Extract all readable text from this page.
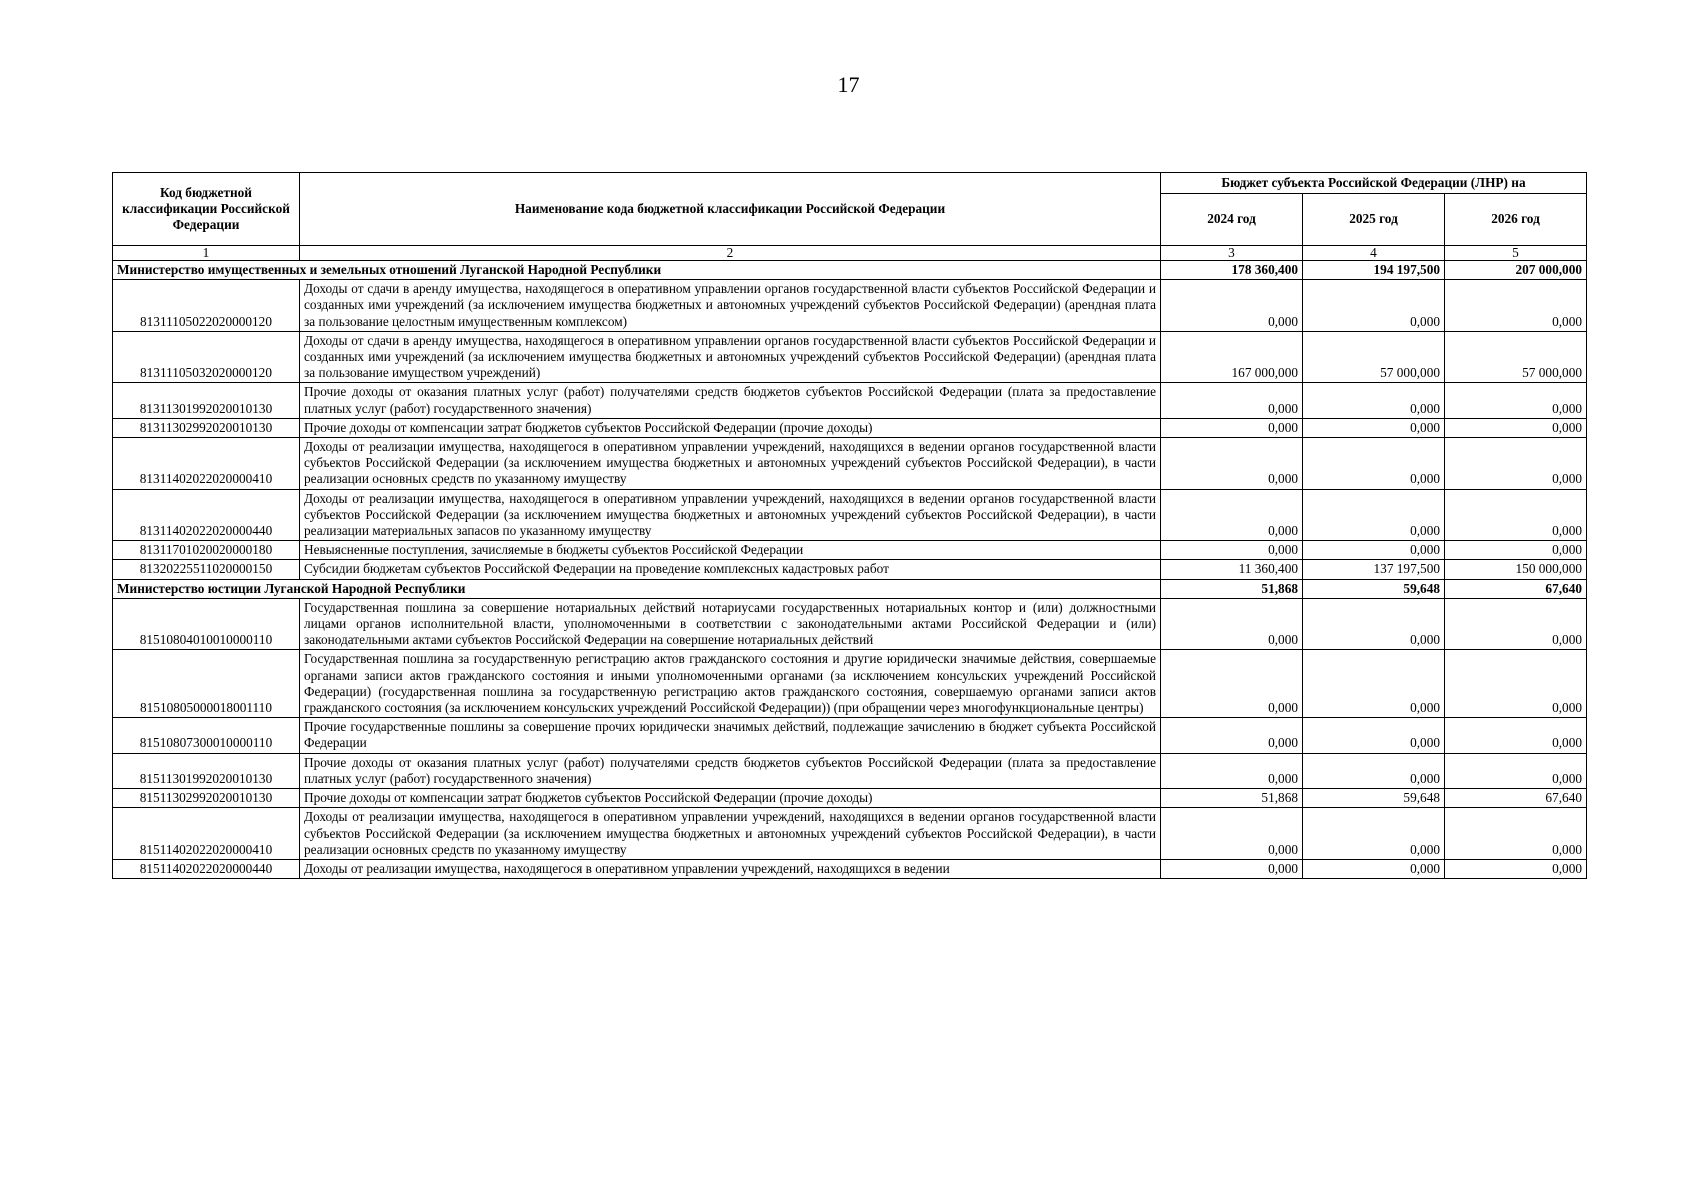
17
Код бюджетной классификации Российской Федерации	Наименование кода бюджетной классификации Российской Федерации	Бюджет субъекта Российской Федерации (ЛНР) на		
		2024 год	2025 год	2026 год
1	2	3	4	5
Министерство имущественных и земельных отношений Луганской Народной Республики		178 360,400	194 197,500	207 000,000
81311105022020000120	Доходы от сдачи в аренду имущества, находящегося в оперативном управлении органов государственной власти субъектов Российской Федерации и созданных ими учреждений (за исключением имущества бюджетных и автономных учреждений субъектов Российской Федерации) (арендная плата за пользование целостным имущественным комплексом)	0,000	0,000	0,000
81311105032020000120	Доходы от сдачи в аренду имущества, находящегося в оперативном управлении органов государственной власти субъектов Российской Федерации и созданных ими учреждений (за исключением имущества бюджетных и автономных учреждений субъектов Российской Федерации) (арендная плата за пользование имуществом учреждений)	167 000,000	57 000,000	57 000,000
81311301992020010130	Прочие доходы от оказания платных услуг (работ) получателями средств бюджетов субъектов Российской Федерации (плата за предоставление платных услуг (работ) государственного значения)	0,000	0,000	0,000
81311302992020010130	Прочие доходы от компенсации затрат бюджетов субъектов Российской Федерации (прочие доходы)	0,000	0,000	0,000
81311402022020000410	Доходы от реализации имущества, находящегося в оперативном управлении учреждений, находящихся в ведении органов государственной власти субъектов Российской Федерации (за исключением имущества бюджетных и автономных учреждений субъектов Российской Федерации), в части реализации основных средств по указанному имуществу	0,000	0,000	0,000
81311402022020000440	Доходы от реализации имущества, находящегося в оперативном управлении учреждений, находящихся в ведении органов государственной власти субъектов Российской Федерации (за исключением имущества бюджетных и автономных учреждений субъектов Российской Федерации), в части реализации материальных запасов по указанному имуществу	0,000	0,000	0,000
81311701020020000180	Невыясненные поступления, зачисляемые в бюджеты субъектов Российской Федерации	0,000	0,000	0,000
81320225511020000150	Субсидии бюджетам субъектов Российской Федерации на проведение комплексных кадастровых работ	11 360,400	137 197,500	150 000,000
Министерство юстиции Луганской Народной Республики		51,868	59,648	67,640
81510804010010000110	Государственная пошлина за совершение нотариальных действий нотариусами государственных нотариальных контор и (или) должностными лицами органов исполнительной власти, уполномоченными в соответствии с законодательными актами Российской Федерации и (или) законодательными актами субъектов Российской Федерации на совершение нотариальных действий	0,000	0,000	0,000
81510805000018001110	Государственная пошлина за государственную регистрацию актов гражданского состояния и другие юридически значимые действия, совершаемые органами записи актов гражданского состояния и иными уполномоченными органами (за исключением консульских учреждений Российской Федерации) (государственная пошлина за государственную регистрацию актов гражданского состояния, совершаемую органами записи актов гражданского состояния (за исключением консульских учреждений Российской Федерации)) (при обращении через многофункциональные центры)	0,000	0,000	0,000
81510807300010000110	Прочие государственные пошлины за совершение прочих юридически значимых действий, подлежащие зачислению в бюджет субъекта Российской Федерации	0,000	0,000	0,000
81511301992020010130	Прочие доходы от оказания платных услуг (работ) получателями средств бюджетов субъектов Российской Федерации (плата за предоставление платных услуг (работ) государственного значения)	0,000	0,000	0,000
81511302992020010130	Прочие доходы от компенсации затрат бюджетов субъектов Российской Федерации (прочие доходы)	51,868	59,648	67,640
81511402022020000410	Доходы от реализации имущества, находящегося в оперативном управлении учреждений, находящихся в ведении органов государственной власти субъектов Российской Федерации (за исключением имущества бюджетных и автономных учреждений субъектов Российской Федерации), в части реализации основных средств по указанному имуществу	0,000	0,000	0,000
81511402022020000440	Доходы от реализации имущества, находящегося в оперативном управлении учреждений, находящихся в ведении	0,000	0,000	0,000
